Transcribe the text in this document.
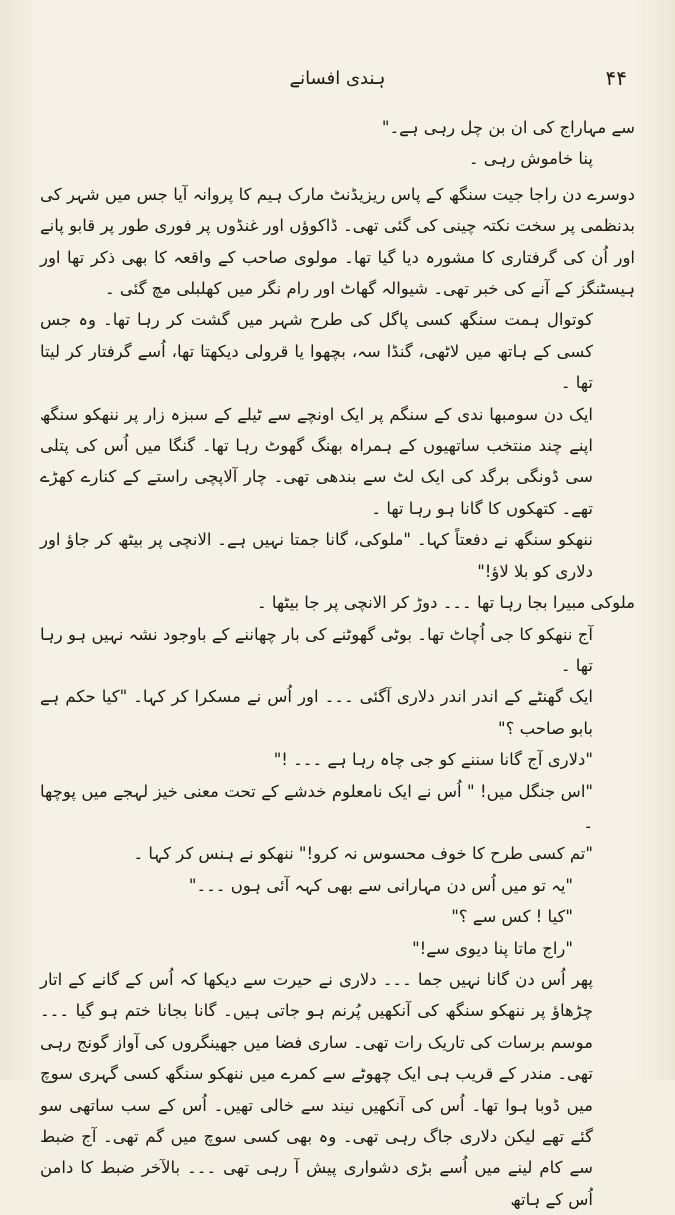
ہندی افسانے	۴۴

سے مہاراج کی ان بن چل رہی ہے۔"

پنا خاموش رہی ۔

دوسرے دن راجا جیت سنگھ کے پاس ریزیڈنٹ مارک ہیم کا پروانہ آیا جس میں شہر کی بدنظمی پر سخت نکتہ چینی کی گئی تھی۔ ڈاکوؤں اور غنڈوں پر فوری طور پر قابو پانے اور اُن کی گرفتاری کا مشورہ دیا گیا تھا۔ مولوی صاحب کے واقعہ کا بھی ذکر تھا اور ہیسٹنگز کے آنے کی خبر تھی۔ شیوالہ گھاٹ اور رام نگر میں کھلبلی مچ گئی ۔

کوتوال ہمت سنگھ کسی پاگل کی طرح شہر میں گشت کر رہا تھا۔ وہ جس کسی کے ہاتھ میں لاٹھی، گنڈا سہ، بچھوا یا قرولی دیکھتا تھا، اُسے گرفتار کر لیتا تھا ۔

ایک دن سومبھا ندی کے سنگم پر ایک اونچے سے ٹیلے کے سبزہ زار پر ننھکو سنگھ اپنے چند منتخب ساتھیوں کے ہمراہ بھنگ گھوٹ رہا تھا۔ گنگا میں اُس کی پتلی سی ڈونگی برگد کی ایک لٹ سے بندھی تھی۔ چار آلاپچی راستے کے کنارے کھڑے تھے۔ کتھکوں کا گانا ہو رہا تھا ۔

ننھکو سنگھ نے دفعتاً کہا۔ "ملوکی، گانا جمتا نہیں ہے۔ الانچی پر بیٹھ کر جاؤ اور دلاری کو بلا لاؤ!"

ملوکی مبیرا بجا رہا تھا ۔۔۔ دوڑ کر الانچی پر جا بیٹھا ۔

آج ننھکو کا جی اُچاٹ تھا۔ بوٹی گھوٹنے کی بار چھاننے کے باوجود نشہ نہیں ہو رہا تھا ۔

ایک گھنٹے کے اندر اندر دلاری آگئی ۔۔۔ اور اُس نے مسکرا کر کہا۔ "کیا حکم ہے بابو صاحب ؟"

"دلاری آج گانا سننے کو جی چاہ رہا ہے ۔۔۔ !"

"اس جنگل میں! " اُس نے ایک نامعلوم خدشے کے تحت معنی خیز لہجے میں پوچھا ۔

"تم کسی طرح کا خوف محسوس نہ کرو!" ننھکو نے ہنس کر کہا ۔

"یہ تو میں اُس دن مہارانی سے بھی کہہ آئی ہوں ۔۔۔"

"کیا ! کس سے ؟"

"راج ماتا پنا دیوی سے!"

پھر اُس دن گانا نہیں جما ۔۔۔ دلاری نے حیرت سے دیکھا کہ اُس کے گانے کے اتار چڑھاؤ پر ننھکو سنگھ کی آنکھیں پُرنم ہو جاتی ہیں۔ گانا بجانا ختم ہو گیا ۔۔۔ موسم برسات کی تاریک رات تھی۔ ساری فضا میں جھینگروں کی آواز گونج رہی تھی۔ مندر کے قریب ہی ایک چھوٹے سے کمرے میں ننھکو سنگھ کسی گہری سوچ میں ڈوبا ہوا تھا۔ اُس کی آنکھیں نیند سے خالی تھیں۔ اُس کے سب ساتھی سو گئے تھے لیکن دلاری جاگ رہی تھی۔ وہ بھی کسی سوچ میں گم تھی۔ آج ضبط سے کام لینے میں اُسے بڑی دشواری پیش آ رہی تھی ۔۔۔ بالآخر ضبط کا دامن اُس کے ہاتھ
